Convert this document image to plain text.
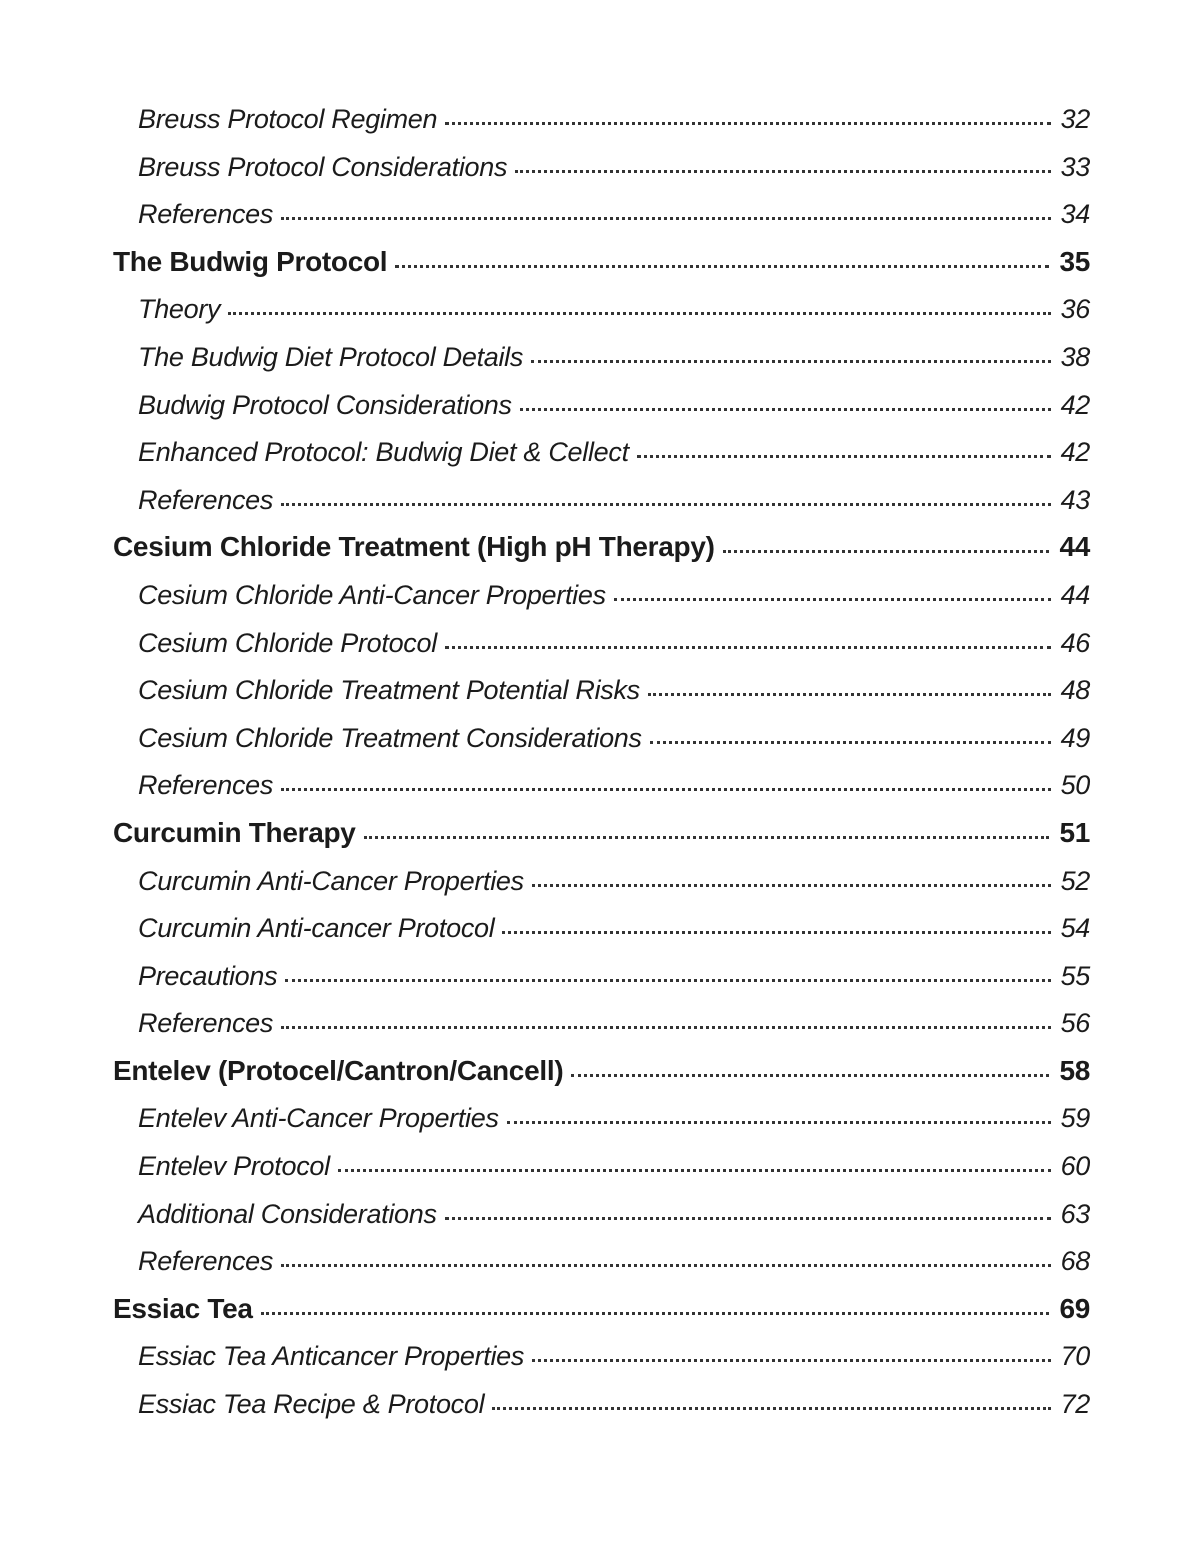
Breuss Protocol Regimen	32
Breuss Protocol Considerations	33
References	34
The Budwig Protocol	35
Theory	36
The Budwig Diet Protocol Details	38
Budwig Protocol Considerations	42
Enhanced Protocol: Budwig Diet & Cellect	42
References	43
Cesium Chloride Treatment (High pH Therapy)	44
Cesium Chloride Anti-Cancer Properties	44
Cesium Chloride Protocol	46
Cesium Chloride Treatment Potential Risks	48
Cesium Chloride Treatment Considerations	49
References	50
Curcumin Therapy	51
Curcumin Anti-Cancer Properties	52
Curcumin Anti-cancer Protocol	54
Precautions	55
References	56
Entelev (Protocel/Cantron/Cancell)	58
Entelev Anti-Cancer Properties	59
Entelev Protocol	60
Additional Considerations	63
References	68
Essiac Tea	69
Essiac Tea Anticancer Properties	70
Essiac Tea Recipe & Protocol	72
